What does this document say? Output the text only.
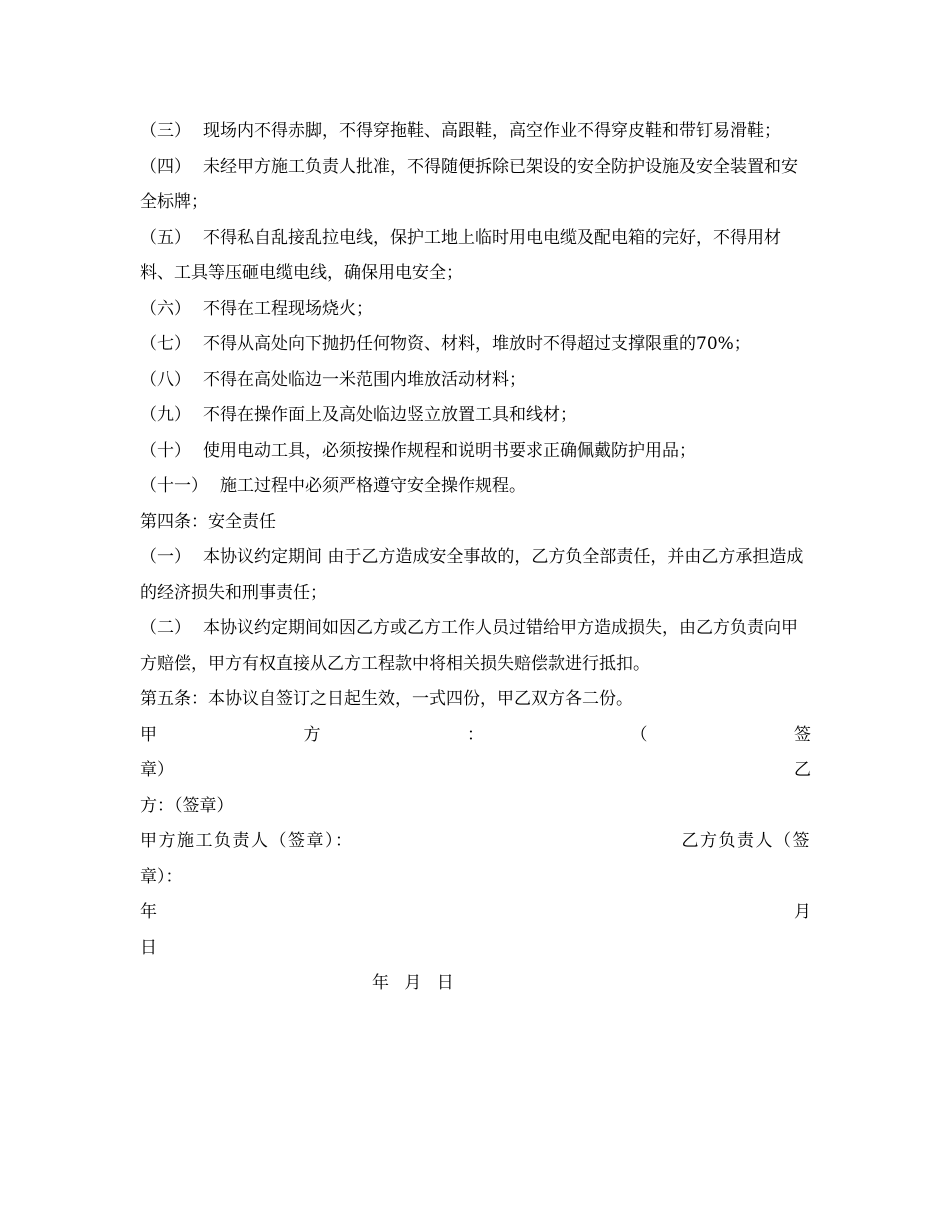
（三） 现场内不得赤脚，不得穿拖鞋、高跟鞋，高空作业不得穿皮鞋和带钉易滑鞋；

（四） 未经甲方施工负责人批准，不得随便拆除已架设的安全防护设施及安全装置和安全标牌；

（五） 不得私自乱接乱拉电线，保护工地上临时用电电缆及配电箱的完好，不得用材料、工具等压砸电缆电线，确保用电安全；

（六） 不得在工程现场烧火；

（七） 不得从高处向下抛扔任何物资、材料，堆放时不得超过支撑限重的70%；

（八） 不得在高处临边一米范围内堆放活动材料；

（九） 不得在操作面上及高处临边竖立放置工具和线材；

（十） 使用电动工具，必须按操作规程和说明书要求正确佩戴防护用品；

（十一） 施工过程中必须严格遵守安全操作规程。

第四条：安全责任

（一） 本协议约定期间 由于乙方造成安全事故的，乙方负全部责任，并由乙方承担造成的经济损失和刑事责任；

（二） 本协议约定期间如因乙方或乙方工作人员过错给甲方造成损失，由乙方负责向甲方赔偿，甲方有权直接从乙方工程款中将相关损失赔偿款进行抵扣。

第五条：本协议自签订之日起生效，一式四份，甲乙双方各二份。

甲	方	：	（	签
章）	乙
方：（签章）
甲方施工负责人（签章）：	乙方负责人（签
章）：
年	月
日
年 月 日
